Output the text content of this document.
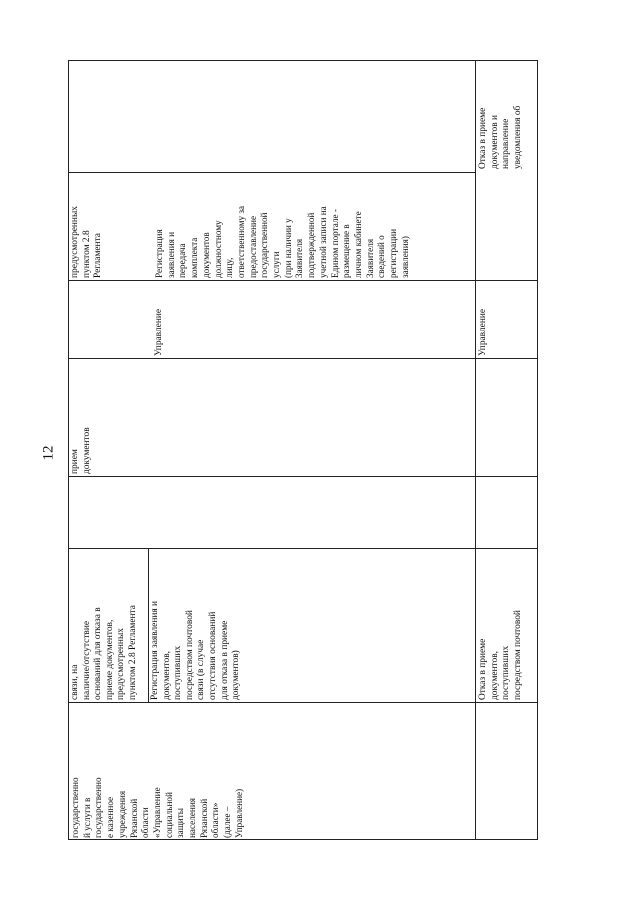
12
государственно й услуги в государственно е казенное учреждения Рязанской области «Управление социальной защиты населения Рязанской области» (далее – Управление)
связи, на наличие/отсутствие оснований для отказа в приеме документов, предусмотренных пунктом 2.8 Регламента Регистрация заявления и документов, поступивших посредством почтовой связи (в случае отсутствия оснований для отказа в приеме документов)
прием документов
Управление
предусмотренных пунктом 2.8 Регламента	Регистрация заявления и передача комплекта документов должностному лицу, ответственному за предоставление государственной услуги (при наличии у Заявителя подтвержденной учетной записи на Едином портале - размещение в личном кабинете Заявителя сведений о регистрации заявления)
Отказ в приеме документов, поступивших посредством почтовой
Управление
Отказ в приеме документов и направление уведомления об
